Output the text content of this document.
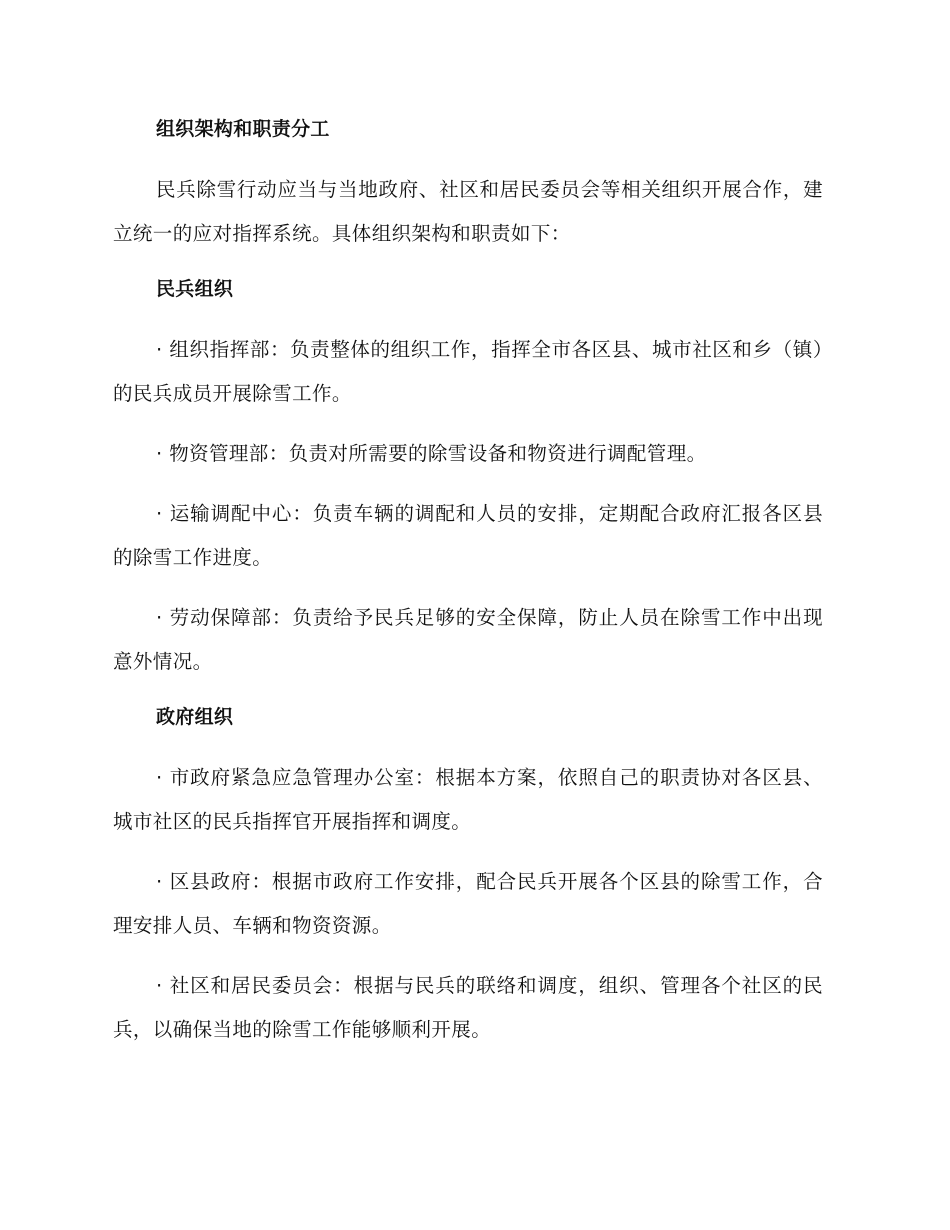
组织架构和职责分工

民兵除雪行动应当与当地政府、社区和居民委员会等相关组织开展合作，建立统一的应对指挥系统。具体组织架构和职责如下：

民兵组织

· 组织指挥部：负责整体的组织工作，指挥全市各区县、城市社区和乡（镇）的民兵成员开展除雪工作。

· 物资管理部：负责对所需要的除雪设备和物资进行调配管理。

· 运输调配中心：负责车辆的调配和人员的安排，定期配合政府汇报各区县的除雪工作进度。

· 劳动保障部：负责给予民兵足够的安全保障，防止人员在除雪工作中出现意外情况。

政府组织

· 市政府紧急应急管理办公室：根据本方案，依照自己的职责协对各区县、城市社区的民兵指挥官开展指挥和调度。

· 区县政府：根据市政府工作安排，配合民兵开展各个区县的除雪工作，合理安排人员、车辆和物资资源。

· 社区和居民委员会：根据与民兵的联络和调度，组织、管理各个社区的民兵，以确保当地的除雪工作能够顺利开展。
